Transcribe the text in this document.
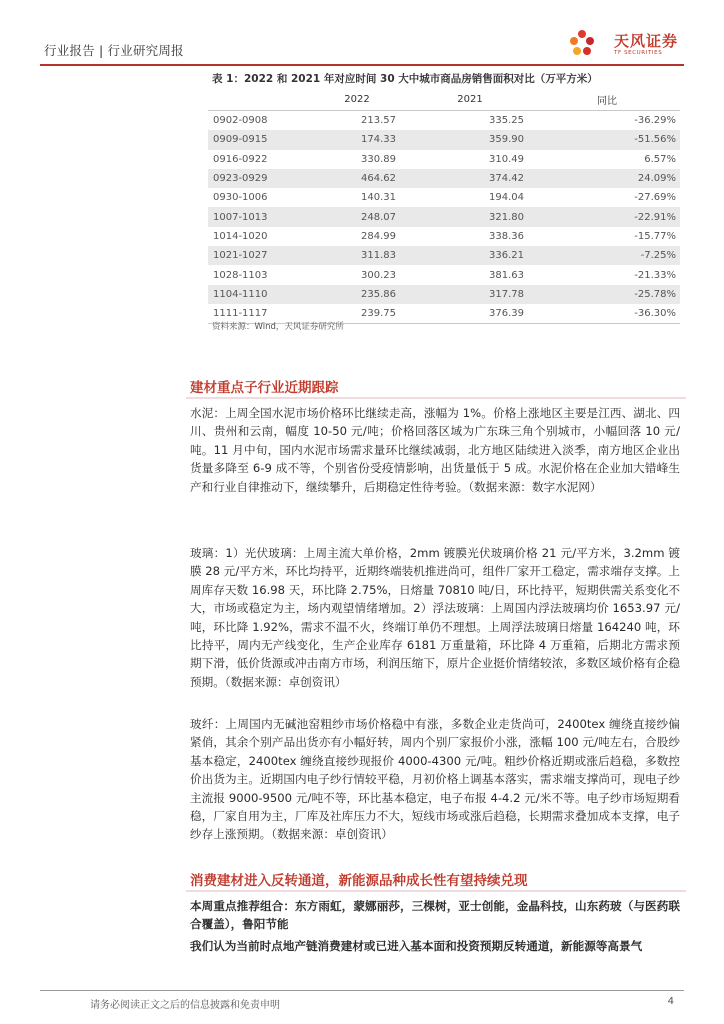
行业报告 | 行业研究周报
天风证券
TF SECURITIES
表 1：2022 和 2021 年对应时间 30 大中城市商品房销售面积对比（万平方米）
	2022	2021	同比
0902-0908	213.57	335.25	-36.29%
0909-0915	174.33	359.90	-51.56%
0916-0922	330.89	310.49	6.57%
0923-0929	464.62	374.42	24.09%
0930-1006	140.31	194.04	-27.69%
1007-1013	248.07	321.80	-22.91%
1014-1020	284.99	338.36	-15.77%
1021-1027	311.83	336.21	-7.25%
1028-1103	300.23	381.63	-21.33%
1104-1110	235.86	317.78	-25.78%
1111-1117	239.75	376.39	-36.30%
资料来源：Wind，天风证券研究所
建材重点子行业近期跟踪
水泥：上周全国水泥市场价格环比继续走高，涨幅为 1%。价格上涨地区主要是江西、湖北、四川、贵州和云南，幅度 10-50 元/吨；价格回落区域为广东珠三角个别城市，小幅回落 10 元/吨。11 月中旬，国内水泥市场需求量环比继续减弱，北方地区陆续进入淡季，南方地区企业出货量多降至 6-9 成不等，个别省份受疫情影响，出货量低于 5 成。水泥价格在企业加大错峰生产和行业自律推动下，继续攀升，后期稳定性待考验。（数据来源：数字水泥网）
玻璃：1）光伏玻璃：上周主流大单价格，2mm 镀膜光伏玻璃价格 21 元/平方米，3.2mm 镀膜 28 元/平方米，环比均持平，近期终端装机推进尚可，组件厂家开工稳定，需求端存支撑。上周库存天数 16.98 天，环比降 2.75%，日熔量 70810 吨/日，环比持平，短期供需关系变化不大，市场或稳定为主，场内观望情绪增加。2）浮法玻璃：上周国内浮法玻璃均价 1653.97 元/吨，环比降 1.92%，需求不温不火，终端订单仍不理想。上周浮法玻璃日熔量 164240 吨，环比持平，周内无产线变化，生产企业库存 6181 万重量箱，环比降 4 万重箱，后期北方需求预期下滑，低价货源或冲击南方市场，利润压缩下，原片企业挺价情绪较浓，多数区域价格有企稳预期。（数据来源：卓创资讯）
玻纤：上周国内无碱池窑粗纱市场价格稳中有涨，多数企业走货尚可，2400tex 缠绕直接纱偏紧俏，其余个别产品出货亦有小幅好转，周内个别厂家报价小涨，涨幅 100 元/吨左右，合股纱基本稳定，2400tex 缠绕直接纱现报价 4000-4300 元/吨。粗纱价格近期或涨后趋稳，多数控价出货为主。近期国内电子纱行情较平稳，月初价格上调基本落实，需求端支撑尚可，现电子纱主流报 9000-9500 元/吨不等，环比基本稳定，电子布报 4-4.2 元/米不等。电子纱市场短期看稳，厂家自用为主，厂库及社库压力不大，短线市场或涨后趋稳，长期需求叠加成本支撑，电子纱存上涨预期。（数据来源：卓创资讯）
消费建材进入反转通道，新能源品种成长性有望持续兑现
本周重点推荐组合：东方雨虹，蒙娜丽莎，三棵树，亚士创能，金晶科技，山东药玻（与医药联合覆盖），鲁阳节能
我们认为当前时点地产链消费建材或已进入基本面和投资预期反转通道，新能源等高景气
请务必阅读正文之后的信息披露和免责申明	4
